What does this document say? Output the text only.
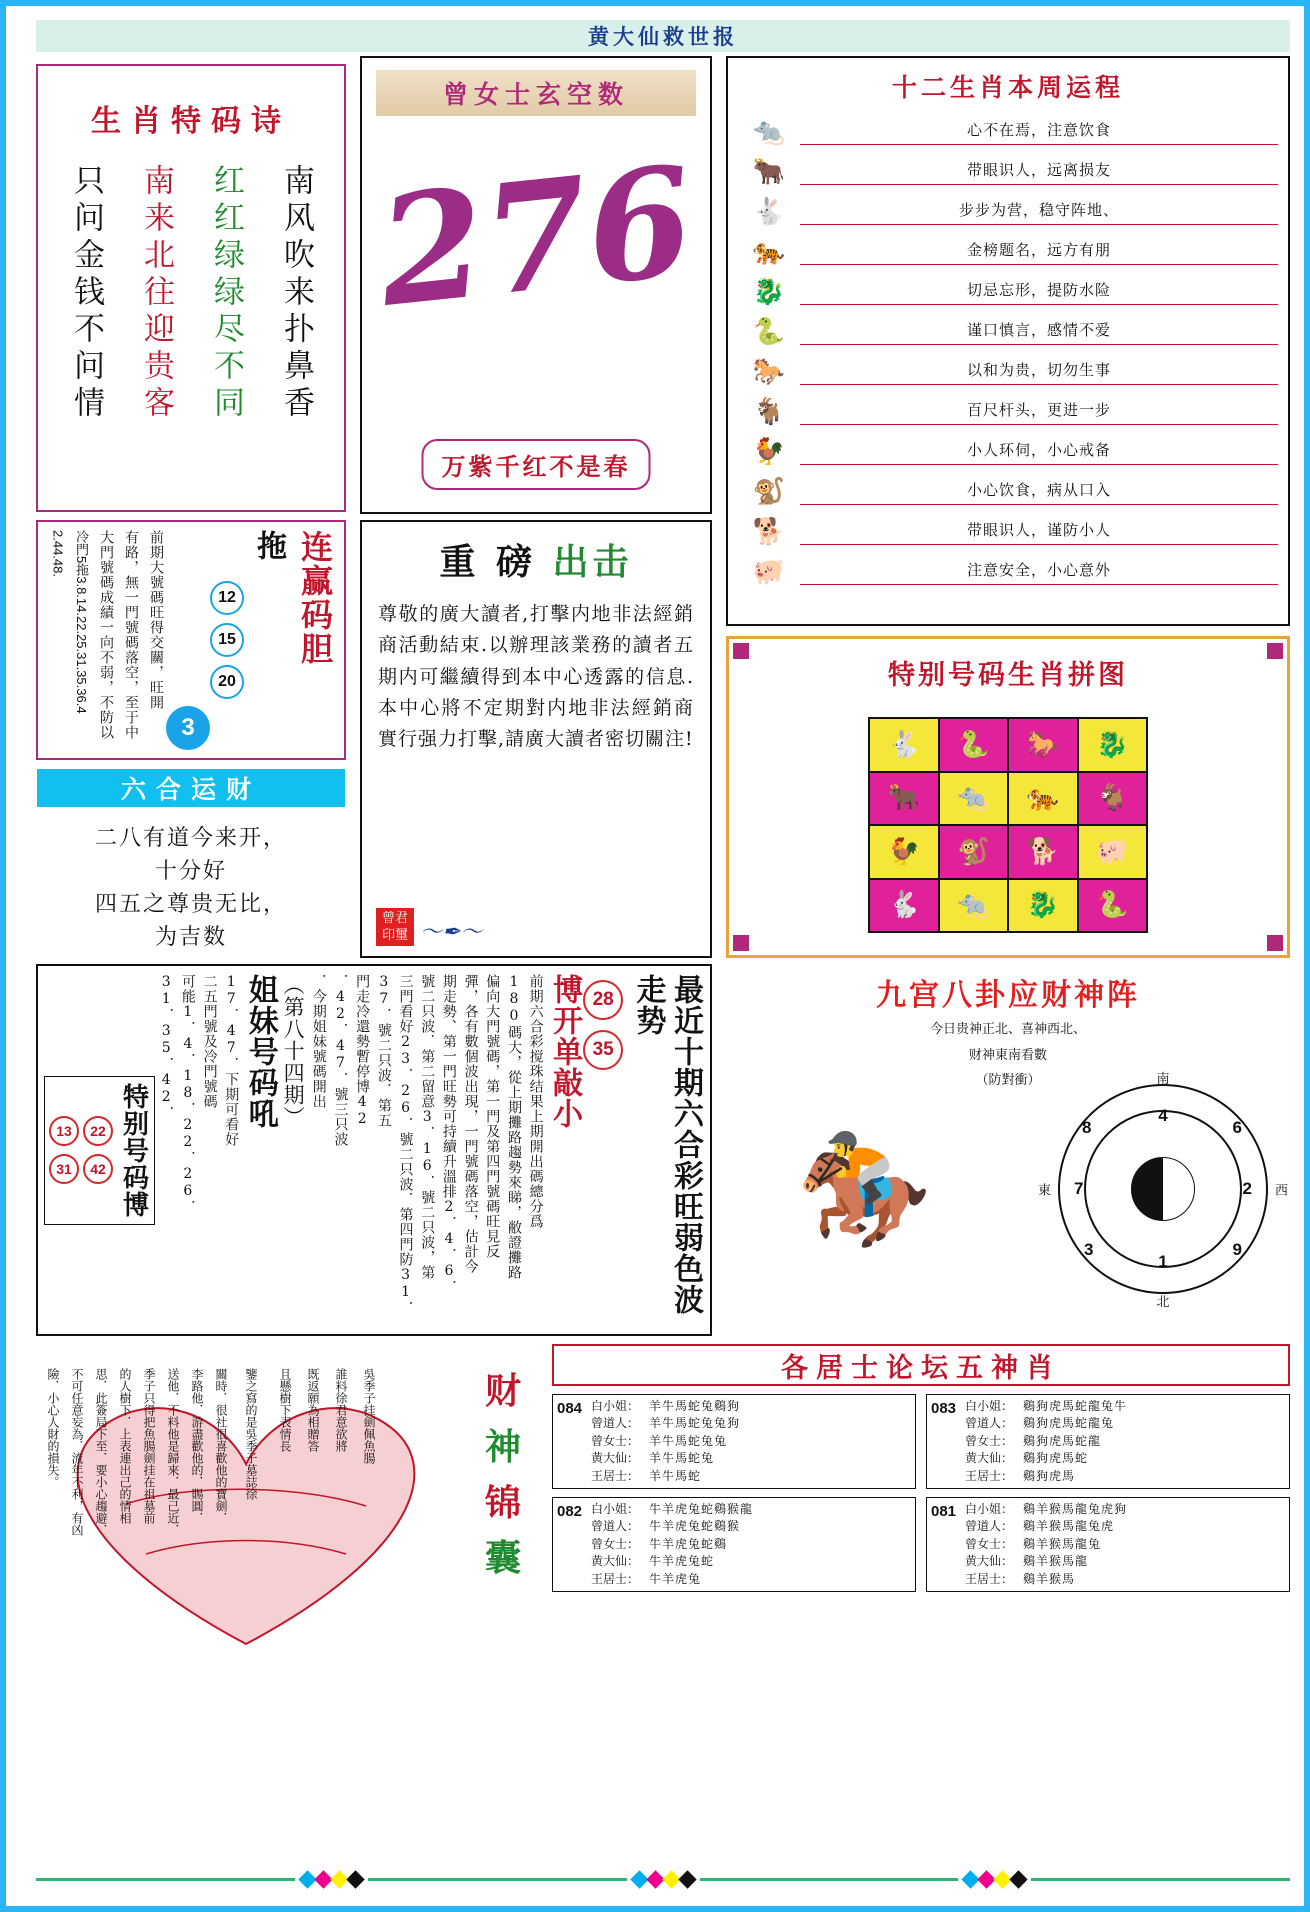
黄大仙救世报
生肖特码诗
南风吹来扑鼻香
红红绿绿尽不同
南来北往迎贵客
只问金钱不问情
曾女士玄空数
276
万紫千红不是春
十二生肖本周运程
🐀	心不在焉，注意饮食
🐂	带眼识人，远离损友
🐇	步步为营，稳守阵地、
🐅	金榜题名，远方有朋
🐉	切忌忘形，提防水险
🐍	谨口慎言，感情不爱
🐎	以和为贵，切勿生事
🐐	百尺杆头，更进一步
🐓	小人环伺，小心戒备
🐒	小心饮食，病从口入
🐕	带眼识人，谨防小人
🐖	注意安全，小心意外
连赢码胆
拖
12
15
20
3
前期大號碼旺得交關，旺開
有路，無一門號碼落空，至于中
大門號碼成績一向不弱，不防以
冷門5拖3.8.14.22.25.31.35.36.4
2.44.48.
六合运财
二八有道今来开，
十分好
四五之尊贵无比，
为吉数
重 磅 出击
尊敬的廣大讀者,打擊内地非法經銷商活動結束.以辦理該業務的讀者五期内可繼續得到本中心透露的信息.本中心將不定期對内地非法經銷商實行强力打擊,請廣大讀者密切關注!
曾君印璽 〜✒︎〜
特别号码生肖拼图
🐇	🐍	🐎	🐉
🐂	🐀	🐅	🐐
🐓	🐒	🐕	🐖
🐇	🐀	🐉	🐍
最近十期六合彩旺弱色波走势
28
35
博开单敲小
前期六合彩搅珠结果上期開出碼總分爲
180碼大，從上期攤路趨勢來睇，敝證攤路
偏向大門號碼，第一門及第四門號碼旺見反
彈，各有數個波出現，一門號碼落空，估計今
期走勢、第一門旺勢可持續升溫排2．4．6．
號二只波．第二留意3．16．號二只波，第
三門看好23．26．號二只波．第四門防31．
37．號二只波．第五
門走冷還勢暫停博42
．42．47．號三只波
．今期姐妹號碼開出
（第八十四期）
姐妹号码吼
17．47．下期可看好
二五門號及冷門號碼
可能1．4．18．22．26．
31．35．42．
特别号码博
22
42
13
31
九宫八卦应财神阵
今日贵神正北、喜神西北、
财神東南看數
（防對衝）
🏇
南
北
東	西
8
4
6
7	2
3
1
9
險．小心人財的損失。 不可任意妄為．流年不利，有凶 思．此簽局下至．要小心趨避． 的人樹下．上表連出己的情相 季子只得把魚腸劍挂在祖墓前 送他．不料他是歸來．最己近． 李路他．游盡歡他的．賜圓． 關時．很社很喜歡他的寶劍． 鑒之寫的是吳季子墓誌徐 且懸樹下表情長 既返願為相贈答 誰料徐君意欲將 吳季子挂劍佩魚腸	财
神
锦
囊
各居士论坛五神肖
084 白小姐： 羊牛馬蛇兔鷄狗
曾道人： 羊牛馬蛇兔兔狗
曾女士： 羊牛馬蛇兔兔
黄大仙： 羊牛馬蛇兔
王居士： 羊牛馬蛇
083 白小姐： 鷄狗虎馬蛇龍兔牛
曾道人： 鷄狗虎馬蛇龍兔
曾女士： 鷄狗虎馬蛇龍
黄大仙： 鷄狗虎馬蛇
王居士： 鷄狗虎馬
082 白小姐： 牛羊虎兔蛇鷄猴龍
曾道人： 牛羊虎兔蛇鷄猴
曾女士： 牛羊虎兔蛇鷄
黄大仙： 牛羊虎兔蛇
王居士： 牛羊虎兔
081 白小姐： 鷄羊猴馬龍兔虎狗
曾道人： 鷄羊猴馬龍兔虎
曾女士： 鷄羊猴馬龍兔
黄大仙： 鷄羊猴馬龍
王居士： 鷄羊猴馬
